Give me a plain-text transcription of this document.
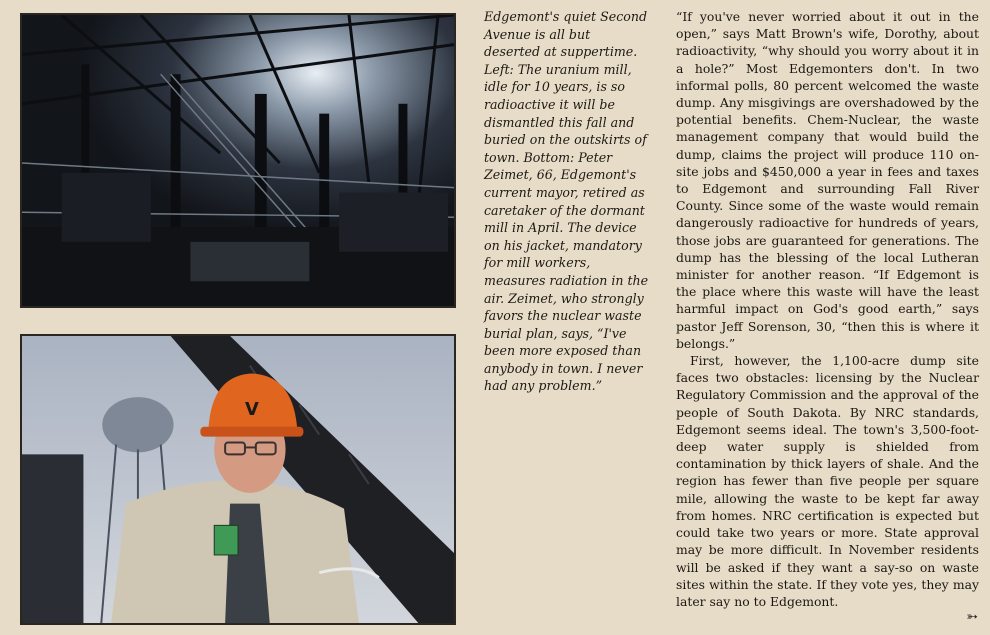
V

Edgemont's quiet Second Avenue is all but deserted at suppertime. Left: The uranium mill, idle for 10 years, is so radioactive it will be dismantled this fall and buried on the outskirts of town. Bottom: Peter Zeimet, 66, Edgemont's current mayor, retired as caretaker of the dormant mill in April. The device on his jacket, mandatory for mill workers, measures radiation in the air. Zeimet, who strongly favors the nuclear waste burial plan, says, “I've been more exposed than anybody in town. I never had any problem.”

“If you've never worried about it out in the open,” says Matt Brown's wife, Dorothy, about radioactivity, “why should you worry about it in a hole?” Most Edgemonters don't. In two informal polls, 80 percent welcomed the waste dump. Any misgivings are overshadowed by the potential benefits. Chem-Nuclear, the waste management company that would build the dump, claims the project will produce 110 on-site jobs and $450,000 a year in fees and taxes to Edgemont and surrounding Fall River County. Since some of the waste would remain dangerously radioactive for hundreds of years, those jobs are guaranteed for generations. The dump has the blessing of the local Lutheran minister for another reason. “If Edgemont is the place where this waste will have the least harmful impact on God's good earth,” says pastor Jeff Sorenson, 30, “then this is where it belongs.”

First, however, the 1,100-acre dump site faces two obstacles: licensing by the Nuclear Regulatory Commission and the approval of the people of South Dakota. By NRC standards, Edgemont seems ideal. The town's 3,500-foot-deep water supply is shielded from contamination by thick layers of shale. And the region has fewer than five people per square mile, allowing the waste to be kept far away from homes. NRC certification is expected but could take two years or more. State approval may be more difficult. In November residents will be asked if they want a say-so on waste sites within the state. If they vote yes, they may later say no to Edgemont.

➳
